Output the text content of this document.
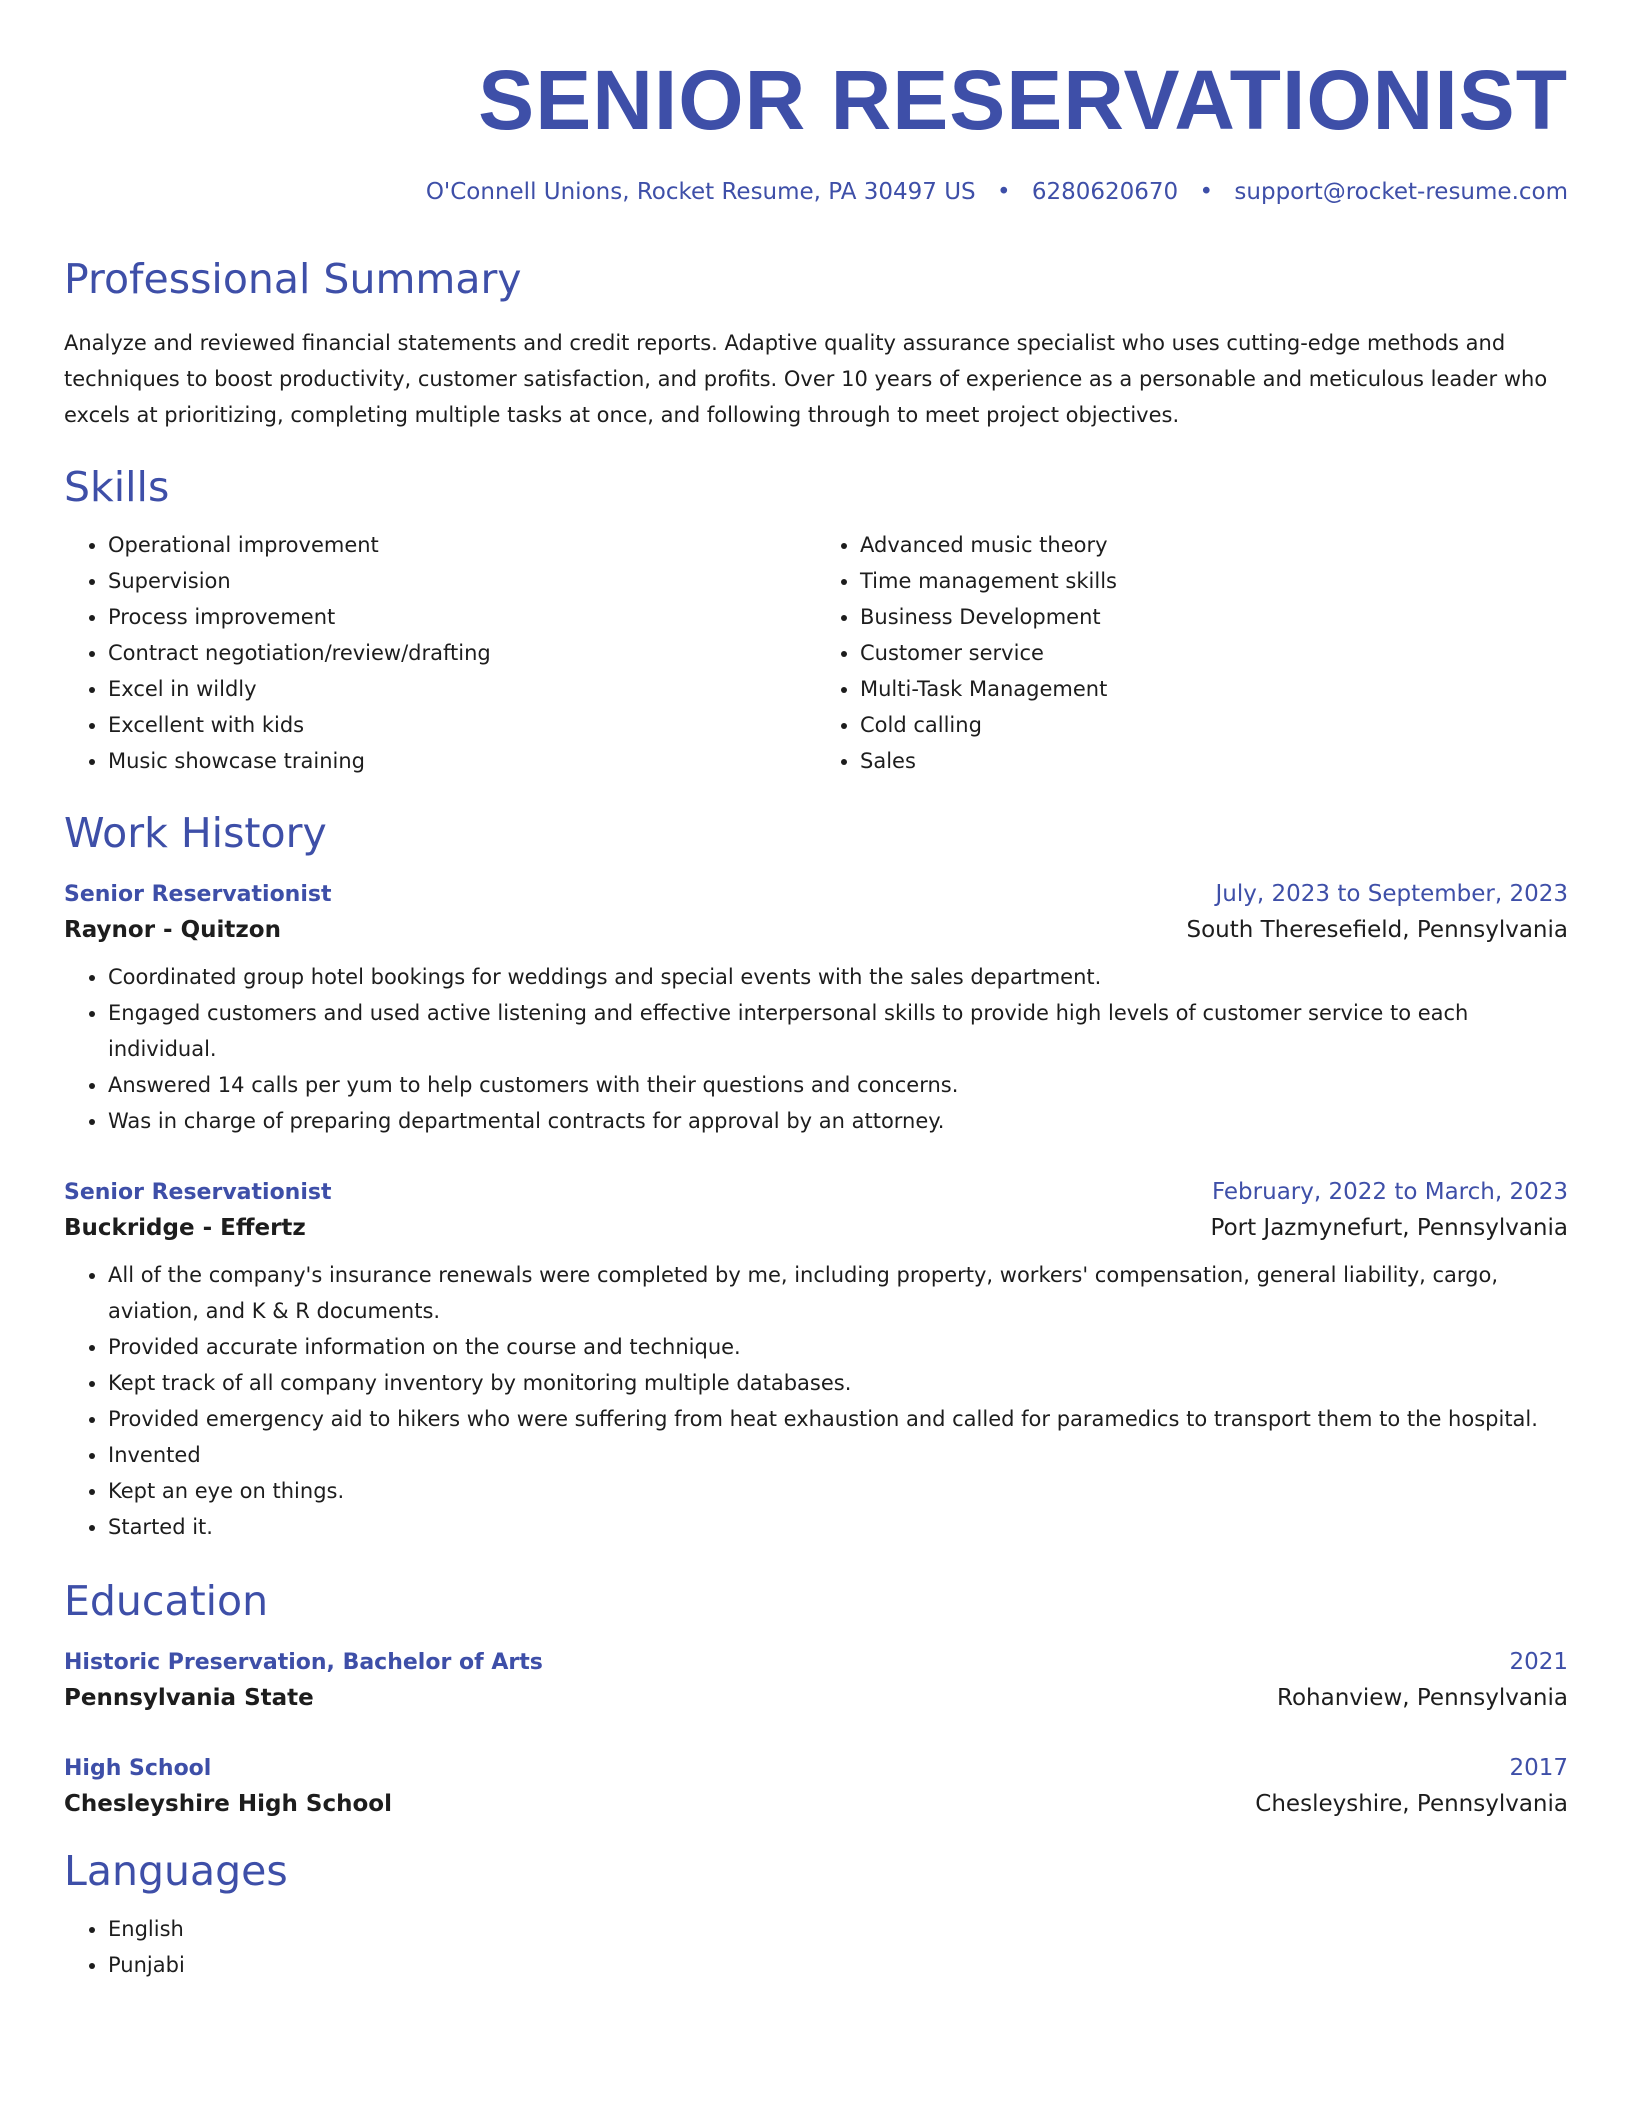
SENIOR RESERVATIONIST
O'Connell Unions, Rocket Resume, PA 30497 US • 6280620670 • support@rocket-resume.com
Professional Summary
Analyze and reviewed financial statements and credit reports. Adaptive quality assurance specialist who uses cutting-edge methods and techniques to boost productivity, customer satisfaction, and profits. Over 10 years of experience as a personable and meticulous leader who excels at prioritizing, completing multiple tasks at once, and following through to meet project objectives.
Skills
• Operational improvement
• Supervision
• Process improvement
• Contract negotiation/review/drafting
• Excel in wildly
• Excellent with kids
• Music showcase training
• Advanced music theory
• Time management skills
• Business Development
• Customer service
• Multi-Task Management
• Cold calling
• Sales
Work History
Senior Reservationist	July, 2023 to September, 2023
Raynor - Quitzon	South Theresefield, Pennsylvania
• Coordinated group hotel bookings for weddings and special events with the sales department.
• Engaged customers and used active listening and effective interpersonal skills to provide high levels of customer service to each individual.
• Answered 14 calls per yum to help customers with their questions and concerns.
• Was in charge of preparing departmental contracts for approval by an attorney.
Senior Reservationist	February, 2022 to March, 2023
Buckridge - Effertz	Port Jazmynefurt, Pennsylvania
• All of the company's insurance renewals were completed by me, including property, workers' compensation, general liability, cargo, aviation, and K & R documents.
• Provided accurate information on the course and technique.
• Kept track of all company inventory by monitoring multiple databases.
• Provided emergency aid to hikers who were suffering from heat exhaustion and called for paramedics to transport them to the hospital.
• Invented
• Kept an eye on things.
• Started it.
Education
Historic Preservation, Bachelor of Arts	2021
Pennsylvania State	Rohanview, Pennsylvania
High School	2017
Chesleyshire High School	Chesleyshire, Pennsylvania
Languages
• English
• Punjabi
